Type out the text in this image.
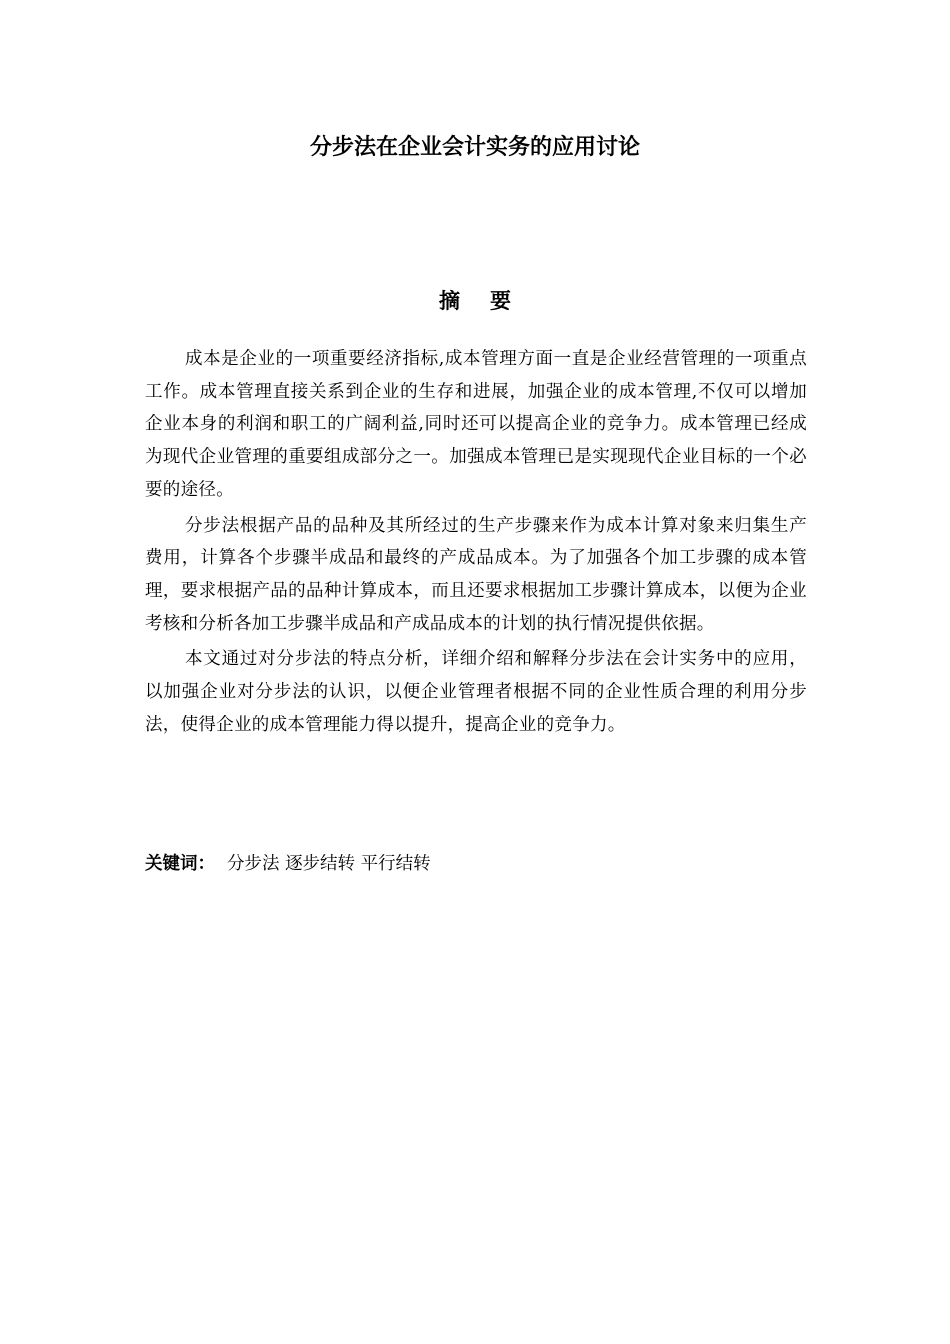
分步法在企业会计实务的应用讨论
摘要

成本是企业的一项重要经济指标,成本管理方面一直是企业经营管理的一项重点工作。成本管理直接关系到企业的生存和进展，加强企业的成本管理,不仅可以增加企业本身的利润和职工的广阔利益,同时还可以提高企业的竞争力。成本管理已经成为现代企业管理的重要组成部分之一。加强成本管理已是实现现代企业目标的一个必要的途径。

分步法根据产品的品种及其所经过的生产步骤来作为成本计算对象来归集生产费用，计算各个步骤半成品和最终的产成品成本。为了加强各个加工步骤的成本管理，要求根据产品的品种计算成本，而且还要求根据加工步骤计算成本，以便为企业考核和分析各加工步骤半成品和产成品成本的计划的执行情况提供依据。

本文通过对分步法的特点分析，详细介绍和解释分步法在会计实务中的应用，以加强企业对分步法的认识，以便企业管理者根据不同的企业性质合理的利用分步法，使得企业的成本管理能力得以提升，提高企业的竞争力。

关键词： 分步法 逐步结转 平行结转
